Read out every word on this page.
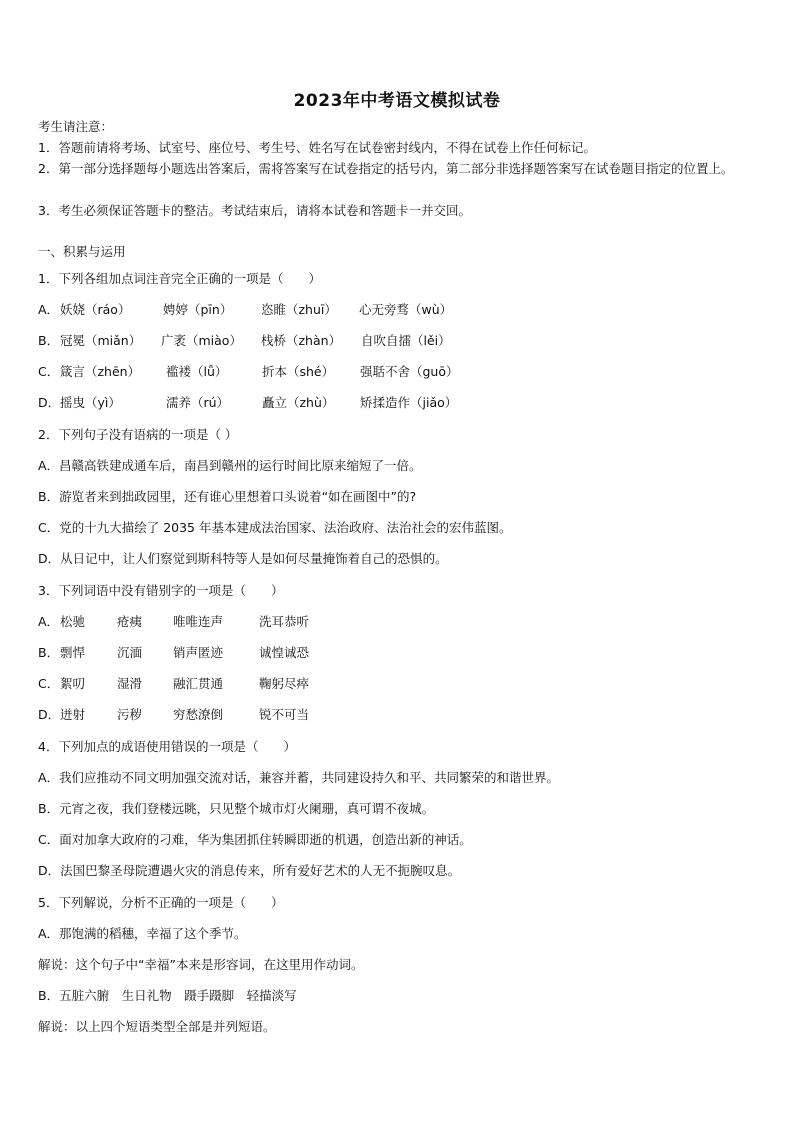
2023年中考语文模拟试卷
考生请注意：
1．答题前请将考场、试室号、座位号、考生号、姓名写在试卷密封线内，不得在试卷上作任何标记。
2．第一部分选择题每小题选出答案后，需将答案写在试卷指定的括号内，第二部分非选择题答案写在试卷题目指定的位置上。
3．考生必须保证答题卡的整洁。考试结束后，请将本试卷和答题卡一并交回。
一、积累与运用
1．下列各组加点词注音完全正确的一项是（　　）
A．妖娆（ráo）	娉婷（pīn） 恣睢（zhuī） 心无旁骛（wù）
B．冠冕（miǎn） 广袤（miào） 栈桥（zhàn） 自吹自擂（lěi）
C．箴言（zhēn） 褴褛（lǚ）	折本（shé） 强聒不舍（guō）
D．摇曳（yì）	濡养（rú）	矗立（zhù） 矫揉造作（jiǎo）
2．下列句子没有语病的一项是（ ）
A．昌赣高铁建成通车后，南昌到赣州的运行时间比原来缩短了一倍。
B．游览者来到拙政园里，还有谁心里想着口头说着“如在画图中”的?
C．党的十九大描绘了 2035 年基本建成法治国家、法治政府、法治社会的宏伟蓝图。
D．从日记中，让人们察觉到斯科特等人是如何尽量掩饰着自己的恐惧的。
3．下列词语中没有错别字的一项是（　　）
A．松驰	疮痍 唯唯连声	洗耳恭听
B．剽悍	沉湎 销声匿迹	诚惶诚恐
C．絮叨	湿滑 融汇贯通	鞠躬尽瘁
D．迸射	污秽 穷愁潦倒	锐不可当
4．下列加点的成语使用错误的一项是（　　）
A．我们应推动不同文明加强交流对话，兼容并蓄，共同建设持久和平、共同繁荣的和谐世界。
B．元宵之夜，我们登楼远眺，只见整个城市灯火阑珊，真可谓不夜城。
C．面对加拿大政府的刁难，华为集团抓住转瞬即逝的机遇，创造出新的神话。
D．法国巴黎圣母院遭遇火灾的消息传来，所有爱好艺术的人无不扼腕叹息。
5．下列解说，分析不正确的一项是（　　）
A．那饱满的稻穗，幸福了这个季节。
解说：这个句子中“幸福”本来是形容词，在这里用作动词。
B．五脏六腑　生日礼物　蹑手蹑脚　轻描淡写
解说：以上四个短语类型全部是并列短语。
